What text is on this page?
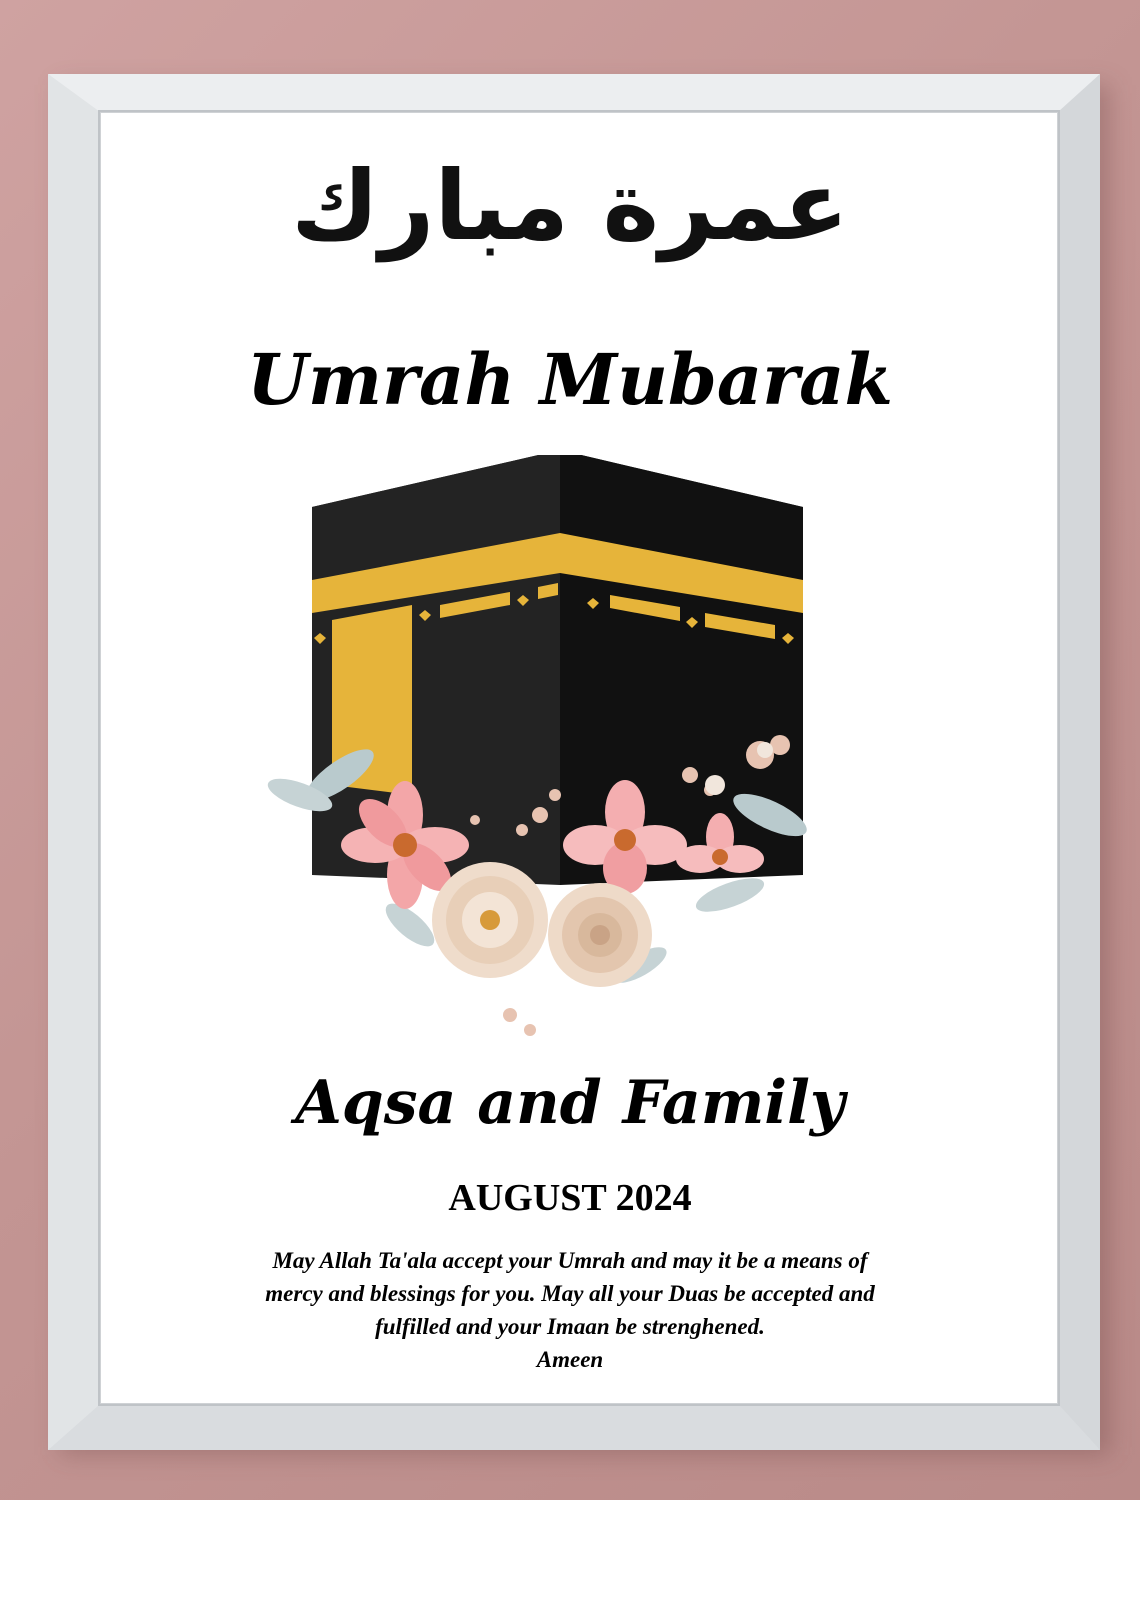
عمرة مبارك
Umrah Mubarak
Aqsa and Family
AUGUST 2024
May Allah Ta'ala accept your Umrah and may it be a means of
mercy and blessings for you. May all your Duas be accepted and
fulfilled and your Imaan be strenghened.
Ameen
